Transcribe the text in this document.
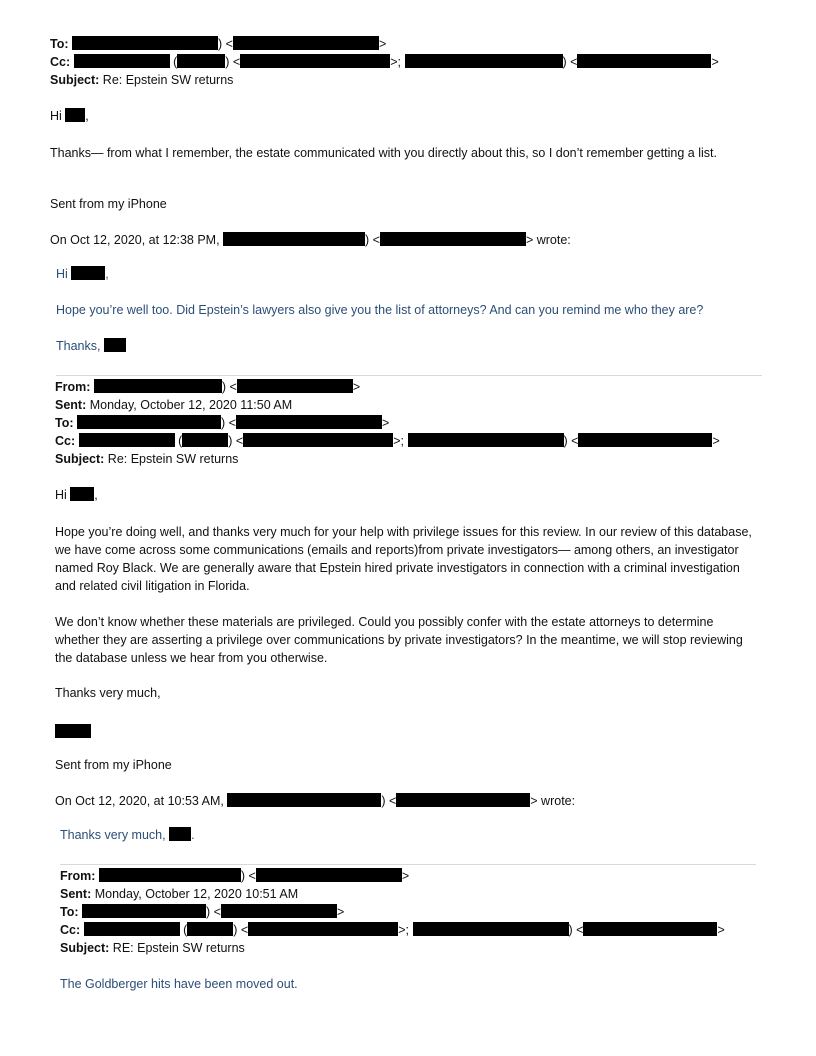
To:	) <	>
Cc:	(	) <	>;	) <	>
Subject: Re: Epstein SW returns
Hi ,
Thanks— from what I remember, the estate communicated with you directly about this, so I don’t remember getting a list.
Sent from my iPhone
On Oct 12, 2020, at 12:38 PM,	) <	> wrote:
Hi	,
Hope you’re well too. Did Epstein’s lawyers also give you the list of attorneys? And can you remind me who they are?
Thanks,
From:	) <	>
Sent: Monday, October 12, 2020 11:50 AM
To:	) <	>
Cc:	(	) <	>;	) <	>
Subject: Re: Epstein SW returns
Hi ,
Hope you’re doing well, and thanks very much for your help with privilege issues for this review. In our review of this database, we have come across some communications (emails and reports)from private investigators— among others, an investigator named Roy Black. We are generally aware that Epstein hired private investigators in connection with a criminal investigation and related civil litigation in Florida.
We don’t know whether these materials are privileged. Could you possibly confer with the estate attorneys to determine whether they are asserting a privilege over communications by private investigators? In the meantime, we will stop reviewing the database unless we hear from you otherwise.
Thanks very much,
Sent from my iPhone
On Oct 12, 2020, at 10:53 AM,	) <	> wrote:
Thanks very much, .
From:	) <	>
Sent: Monday, October 12, 2020 10:51 AM
To:	) <	>
Cc:	(	) <	>;	) <	>
Subject: RE: Epstein SW returns
The Goldberger hits have been moved out.
